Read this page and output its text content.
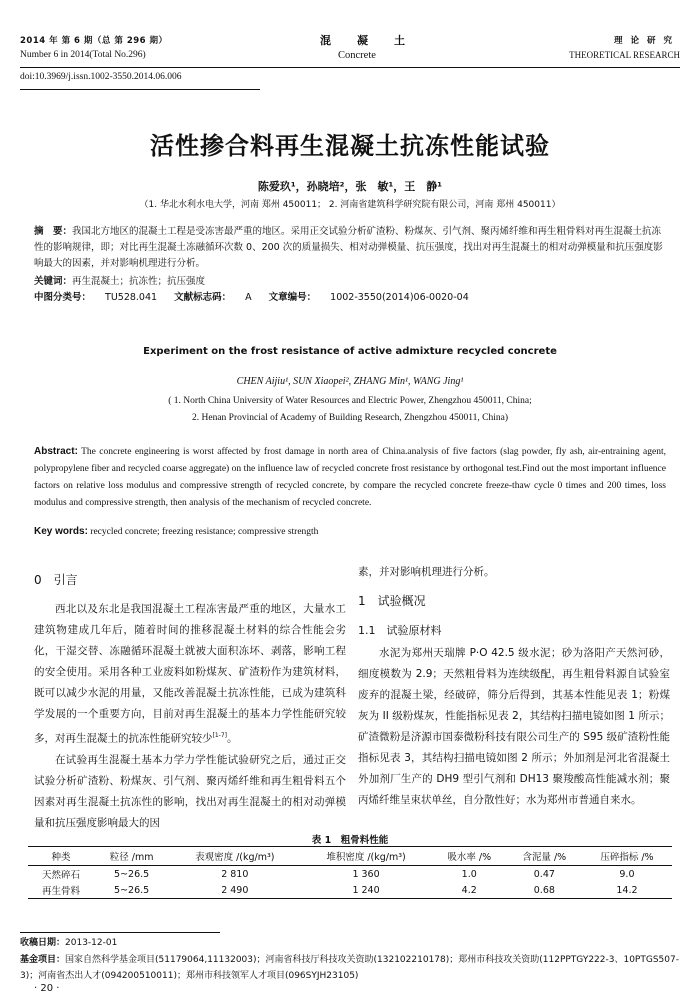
2014 年 第 6 期（总 第 296 期）
Number 6 in 2014(Total No.296)
混凝土
Concrete
理论研究
THEORETICAL RESEARCH
doi:10.3969/j.issn.1002-3550.2014.06.006
活性掺合料再生混凝土抗冻性能试验
陈爱玖¹，孙晓培²，张　敏¹，王　静¹
（1. 华北水利水电大学，河南 郑州 450011； 2. 河南省建筑科学研究院有限公司，河南 郑州 450011）
摘　要：我国北方地区的混凝土工程是受冻害最严重的地区。采用正交试验分析矿渣粉、粉煤灰、引气剂、聚丙烯纤维和再生粗骨料对再生混凝土抗冻性的影响规律，即；对比再生混凝土冻融循环次数 0、200 次的质量损失、相对动弹模量、抗压强度，找出对再生混凝土的相对动弹模量和抗压强度影响最大的因素，并对影响机理进行分析。
关键词：再生混凝土；抗冻性；抗压强度
中图分类号： TU528.041 文献标志码： A 文章编号： 1002-3550(2014)06-0020-04
Experiment on the frost resistance of active admixture recycled concrete
CHEN Aijiu¹, SUN Xiaopei², ZHANG Min¹, WANG Jing¹
( 1. North China University of Water Resources and Electric Power, Zhengzhou 450011, China;
2. Henan Provincial of Academy of Building Research, Zhengzhou 450011, China)
Abstract: The concrete engineering is worst affected by frost damage in north area of China.analysis of five factors (slag powder, fly ash, air-entraining agent, polypropylene fiber and recycled coarse aggregate) on the influence law of recycled concrete frost resistance by orthogonal test.Find out the most important influence factors on relative loss modulus and compressive strength of recycled concrete, by compare the recycled concrete freeze-thaw cycle 0 times and 200 times, loss modulus and compressive strength, then analysis of the mechanism of recycled concrete.
Key words: recycled concrete; freezing resistance; compressive strength
0　引言

西北以及东北是我国混凝土工程冻害最严重的地区，大量水工建筑物建成几年后，随着时间的推移混凝土材料的综合性能会劣化，干湿交替、冻融循环混凝土就被大面积冻坏、剥落，影响工程的安全使用。采用各种工业废料如粉煤灰、矿渣粉作为建筑材料，既可以减少水泥的用量，又能改善混凝土抗冻性能，已成为建筑科学发展的一个重要方向，目前对再生混凝土的基本力学性能研究较多，对再生混凝土的抗冻性能研究较少[1-7]。

在试验再生混凝土基本力学力学性能试验研究之后，通过正交试验分析矿渣粉、粉煤灰、引气剂、聚丙烯纤维和再生粗骨料五个因素对再生混凝土抗冻性的影响，找出对再生混凝土的相对动弹模量和抗压强度影响最大的因

素，并对影响机理进行分析。

1　试验概况
1.1　试验原材料

水泥为郑州天瑞牌 P·O 42.5 级水泥；砂为洛阳产天然河砂，细度模数为 2.9；天然粗骨料为连续级配，再生粗骨料源自试验室废弃的混凝土梁，经破碎，筛分后得到，其基本性能见表 1；粉煤灰为 II 级粉煤灰，性能指标见表 2，其结构扫描电镜如图 1 所示；矿渣微粉是济源市国泰微粉科技有限公司生产的 S95 级矿渣粉性能指标见表 3，其结构扫描电镜如图 2 所示；外加剂是河北省混凝土外加剂厂生产的 DH9 型引气剂和 DH13 聚羧酸高性能减水剂；聚丙烯纤维呈束状单丝，自分散性好；水为郑州市普通自来水。

表 1　粗骨料性能
种类	粒径 /mm	表观密度 /(kg/m³)	堆积密度 /(kg/m³)	吸水率 /%	含泥量 /%	压碎指标 /%
天然碎石	5~26.5	2 810	1 360	1.0	0.47	9.0
再生骨料	5~26.5	2 490	1 240	4.2	0.68	14.2
收稿日期：2013-12-01
基金项目：国家自然科学基金项目(51179064,11132003)；河南省科技厅科技攻关资助(132102210178)；郑州市科技攻关资助(112PPTGY222-3、10PTGS507-3)；河南省杰出人才(094200510011)；郑州市科技领军人才项目(096SYJH23105)
· 20 ·
